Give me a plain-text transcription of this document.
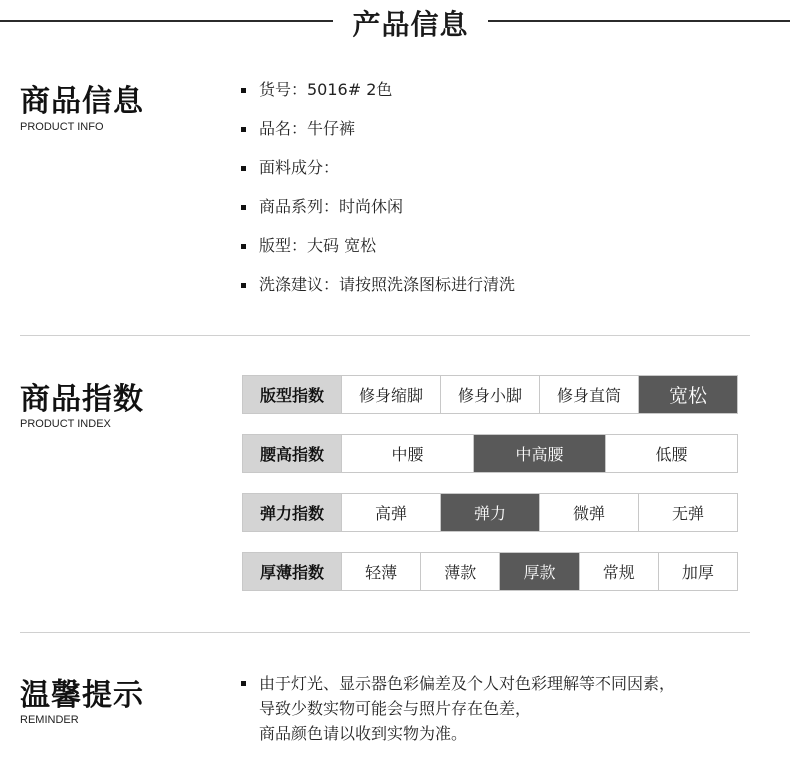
产品信息
商品信息
PRODUCT INFO
货号：5016# 2色
品名：牛仔裤
面料成分：
商品系列：时尚休闲
版型：大码 宽松
洗涤建议：请按照洗涤图标进行清洗
商品指数
PRODUCT INDEX
版型指数	修身缩脚	修身小脚	修身直筒	宽松
腰高指数	中腰	中高腰	低腰
弹力指数	高弹	弹力	微弹	无弹
厚薄指数	轻薄	薄款	厚款	常规	加厚
温馨提示
REMINDER

由于灯光、显示器色彩偏差及个人对色彩理解等不同因素，

导致少数实物可能会与照片存在色差，

商品颜色请以收到实物为准。
